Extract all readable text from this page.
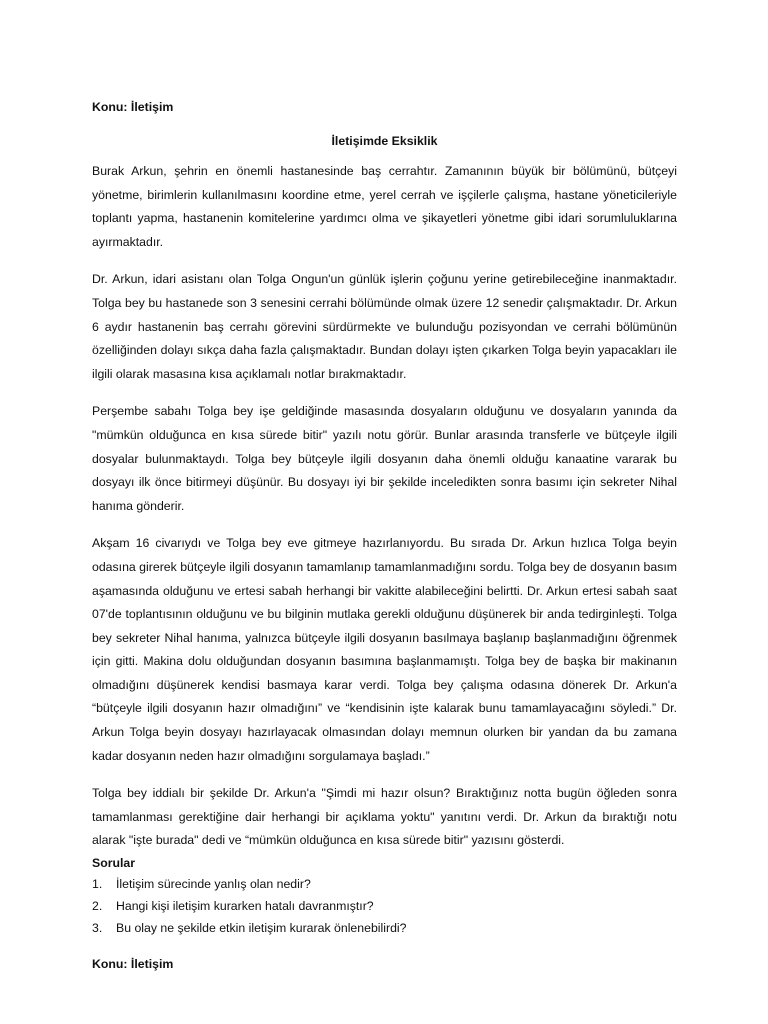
Konu: İletişim

İletişimde Eksiklik

Burak Arkun, şehrin en önemli hastanesinde baş cerrahtır. Zamanının büyük bir bölümünü, bütçeyi yönetme, birimlerin kullanılmasını koordine etme, yerel cerrah ve işçilerle çalışma, hastane yöneticileriyle toplantı yapma, hastanenin komitelerine yardımcı olma ve şikayetleri yönetme gibi idari sorumluluklarına ayırmaktadır.

Dr. Arkun, idari asistanı olan Tolga Ongun'un günlük işlerin çoğunu yerine getirebileceğine inanmaktadır. Tolga bey bu hastanede son 3 senesini cerrahi bölümünde olmak üzere 12 senedir çalışmaktadır. Dr. Arkun 6 aydır hastanenin baş cerrahı görevini sürdürmekte ve bulunduğu pozisyondan ve cerrahi bölümünün özelliğinden dolayı sıkça daha fazla çalışmaktadır. Bundan dolayı işten çıkarken Tolga beyin yapacakları ile ilgili olarak masasına kısa açıklamalı notlar bırakmaktadır.

Perşembe sabahı Tolga bey işe geldiğinde masasında dosyaların olduğunu ve dosyaların yanında da "mümkün olduğunca en kısa sürede bitir" yazılı notu görür. Bunlar arasında transferle ve bütçeyle ilgili dosyalar bulunmaktaydı. Tolga bey bütçeyle ilgili dosyanın daha önemli olduğu kanaatine vararak bu dosyayı ilk önce bitirmeyi düşünür. Bu dosyayı iyi bir şekilde inceledikten sonra basımı için sekreter Nihal hanıma gönderir.

Akşam 16 civarıydı ve Tolga bey eve gitmeye hazırlanıyordu. Bu sırada Dr. Arkun hızlıca Tolga beyin odasına girerek bütçeyle ilgili dosyanın tamamlanıp tamamlanmadığını sordu. Tolga bey de dosyanın basım aşamasında olduğunu ve ertesi sabah herhangi bir vakitte alabileceğini belirtti. Dr. Arkun ertesi sabah saat 07'de toplantısının olduğunu ve bu bilginin mutlaka gerekli olduğunu düşünerek bir anda tedirginleşti. Tolga bey sekreter Nihal hanıma, yalnızca bütçeyle ilgili dosyanın basılmaya başlanıp başlanmadığını öğrenmek için gitti. Makina dolu olduğundan dosyanın basımına başlanmamıştı. Tolga bey de başka bir makinanın olmadığını düşünerek kendisi basmaya karar verdi. Tolga bey çalışma odasına dönerek Dr. Arkun'a “bütçeyle ilgili dosyanın hazır olmadığını” ve “kendisinin işte kalarak bunu tamamlayacağını söyledi.” Dr. Arkun Tolga beyin dosyayı hazırlayacak olmasından dolayı memnun olurken bir yandan da bu zamana kadar dosyanın neden hazır olmadığını sorgulamaya başladı.”

Tolga bey iddialı bir şekilde Dr. Arkun'a "Şimdi mi hazır olsun? Bıraktığınız notta bugün öğleden sonra tamamlanması gerektiğine dair herhangi bir açıklama yoktu" yanıtını verdi. Dr. Arkun da bıraktığı notu alarak "işte burada" dedi ve “mümkün olduğunca en kısa sürede bitir" yazısını gösterdi.

Sorular

1.	İletişim sürecinde yanlış olan nedir?
2.	Hangi kişi iletişim kurarken hatalı davranmıştır?
3.	Bu olay ne şekilde etkin iletişim kurarak önlenebilirdi?

Konu: İletişim
